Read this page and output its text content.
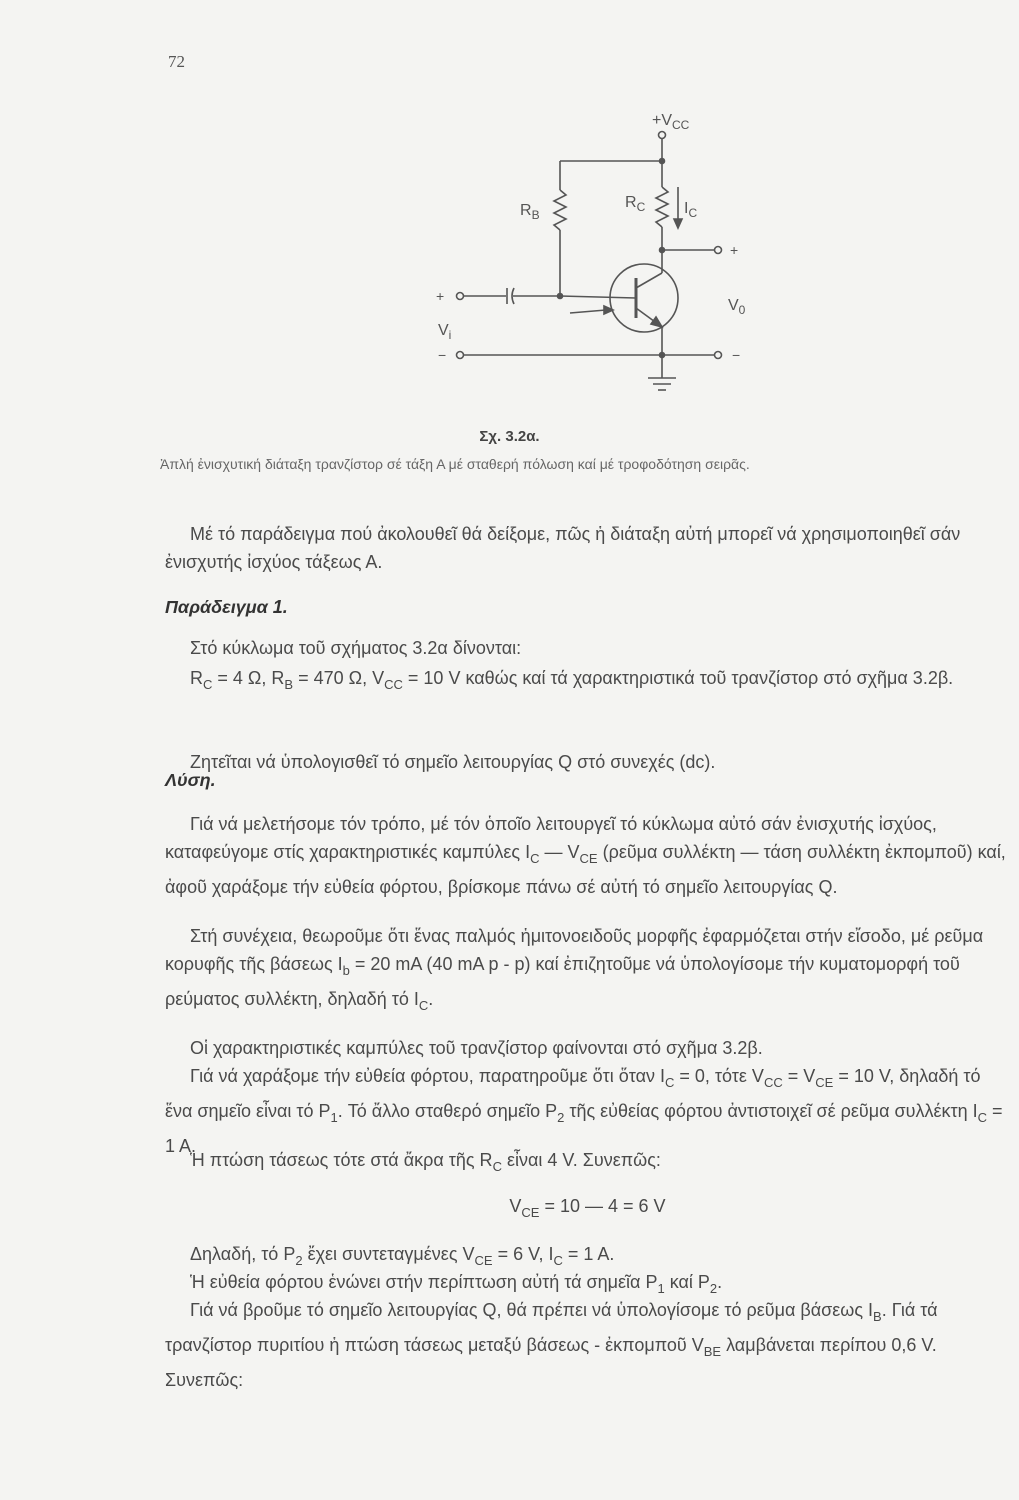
72
$+V_{CC}$
$R_B$
$R_C$ $I_C$
+
+
$V_i$
$V_0$
−	−
Σχ. 3.2α.
Ἀπλή ἐνισχυτική διάταξη τρανζίστορ σέ τάξη Α μέ σταθερή πόλωση καί μέ τροφοδότηση σειρᾶς.
Μέ τό παράδειγμα πού ἀκολουθεῖ θά δείξομε, πῶς ἡ διάταξη αὐτή μπορεῖ νά χρησιμοποιηθεῖ σάν ἐνισχυτής ἰσχύος τάξεως Α.
Παράδειγμα 1.
Στό κύκλωμα τοῦ σχήματος 3.2α δίνονται:
$R_C = 4$ Ω, $R_B = 470$ Ω, $V_{CC} = 10$ V καθώς καί τά χαρακτηριστικά τοῦ τρανζίστορ στό σχῆμα 3.2β.
Ζητεῖται νά ὑπολογισθεῖ τό σημεῖο λειτουργίας Q στό συνεχές (dc).
Λύση.
Γιά νά μελετήσομε τόν τρόπο, μέ τόν ὁποῖο λειτουργεῖ τό κύκλωμα αὐτό σάν ἐνισχυτής ἰσχύος, καταφεύγομε στίς χαρακτηριστικές καμπύλες $I_C$ — $V_{CE}$ (ρεῦμα συλλέκτη — τάση συλλέκτη ἐκπομποῦ) καί, ἀφοῦ χαράξομε τήν εὐθεία φόρτου, βρίσκομε πάνω σέ αὐτή τό σημεῖο λειτουργίας Q.
Στή συνέχεια, θεωροῦμε ὅτι ἕνας παλμός ἡμιτονοειδοῦς μορφῆς ἐφαρμόζεται στήν εἴσοδο, μέ ρεῦμα κορυφῆς τῆς βάσεως $I_b = 20$ mA (40 mA p - p) καί ἐπιζητοῦμε νά ὑπολογίσομε τήν κυματομορφή τοῦ ρεύματος συλλέκτη, δηλαδή τό $I_C$.
Οἱ χαρακτηριστικές καμπύλες τοῦ τρανζίστορ φαίνονται στό σχῆμα 3.2β.
Γιά νά χαράξομε τήν εὐθεία φόρτου, παρατηροῦμε ὅτι ὅταν $I_C = 0$, τότε $V_{CC} = V_{CE} = 10$ V, δηλαδή τό ἕνα σημεῖο εἶναι τό $P_1$. Τό ἄλλο σταθερό σημεῖο $P_2$ τῆς εὐθείας φόρτου ἀντιστοιχεῖ σέ ρεῦμα συλλέκτη $I_C = 1$ A.
Ἡ πτώση τάσεως τότε στά ἄκρα τῆς $R_C$ εἶναι 4 V. Συνεπῶς:
$V_{CE} = 10$ — 4 = 6 V
Δηλαδή, τό $P_2$ ἔχει συντεταγμένες $V_{CE} = 6$ V, $I_C = 1$ A.
Ἡ εὐθεία φόρτου ἑνώνει στήν περίπτωση αὐτή τά σημεῖα $P_1$ καί $P_2$.
Γιά νά βροῦμε τό σημεῖο λειτουργίας Q, θά πρέπει νά ὑπολογίσομε τό ρεῦμα βάσεως $I_B$. Γιά τά τρανζίστορ πυριτίου ἡ πτώση τάσεως μεταξύ βάσεως - ἐκπομποῦ $V_{BE}$ λαμβάνεται περίπου 0,6 V. Συνεπῶς:
